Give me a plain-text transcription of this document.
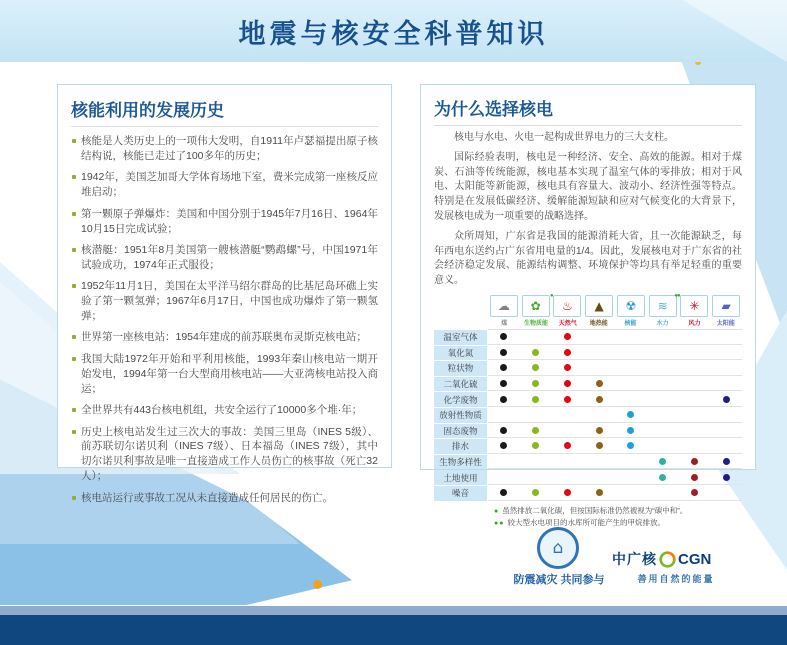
地震与核安全科普知识
核能利用的发展历史
核能是人类历史上的一项伟大发明，自1911年卢瑟福提出原子核结构说，核能已走过了100多年的历史；
1942年，美国芝加哥大学体育场地下室，费米完成第一座核反应堆启动；
第一颗原子弹爆炸：美国和中国分别于1945年7月16日、1964年10月15日完成试验；
核潜艇：1951年8月美国第一艘核潜艇“鹦鹉螺”号，中国1971年试验成功，1974年正式服役；
1952年11月1日，美国在太平洋马绍尔群岛的比基尼岛环礁上实验了第一颗氢弹；1967年6月17日，中国也成功爆炸了第一颗氢弹；
世界第一座核电站：1954年建成的前苏联奥布灵斯克核电站；
我国大陆1972年开始和平利用核能，1993年秦山核电站一期开始发电，1994年第一台大型商用核电站——大亚湾核电站投入商运；
全世界共有443台核电机组，共安全运行了10000多个堆·年；
历史上核电站发生过三次大的事故：美国三里岛（INES 5级）、前苏联切尔诺贝利（INES 7级）、日本福岛（INES 7级），其中切尔诺贝利事故是唯一直接造成工作人员伤亡的核事故（死亡32人）；
核电站运行或事故工况从未直接造成任何居民的伤亡。
为什么选择核电

核电与水电、火电一起构成世界电力的三大支柱。

国际经验表明，核电是一种经济、安全、高效的能源。相对于煤炭、石油等传统能源，核电基本实现了温室气体的零排放；相对于风电、太阳能等新能源，核电具有容量大、波动小、经济性强等特点。特别是在发展低碳经济、缓解能源短缺和应对气候变化的大背景下，发展核电成为一项重要的战略选择。

众所周知，广东省是我国的能源消耗大省，且一次能源缺乏，每年西电东送约占广东省用电量的1/4。因此，发展核电对于广东省的社会经济稳定发展、能源结构调整、环境保护等均具有举足轻重的重要意义。

☁
煤
✿
●
生物质能
♨
天然气
▲
地热能
☢
核能
≋
●●
水力
✳
风力
▰
太阳能
温室气体
氧化氮
粒状物
二氧化硫
化学废物
放射性物质
固态废物
排水
生物多样性
土地使用
噪音
● 虽然排放二氧化碳，但按国际标准仍然被视为“碳中和”。
●● 较大型水电项目的水库所可能产生的甲烷排放。
⌂
防震减灾 共同参与
中广核 CGN
善用自然的能量
